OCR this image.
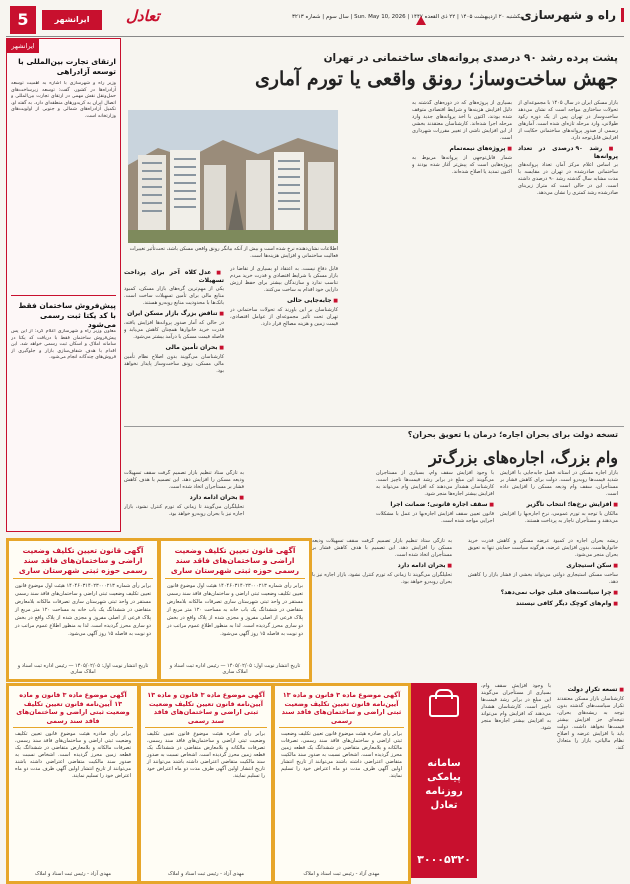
راه و شهرسازی
یکشنبه ۲۰ اردیبهشت ۱۴۰۵ | ۲۲ ذی القعده ۱۴۴۷ | Sun. May 10, 2026 | سال سوم | شماره ۳۲۱۳
تعادل
ایرانشهر
5
پشت پرده رشد ۹۰ درصدی پروانه‌های ساختمانی در تهران
جهش ساخت‌وساز؛ رونق واقعی یا تورم آماری
بازار مسکن ایران در سال ۱۴۰۵ با مجموعه‌ای از تحولات ساختاری مواجه است که نشان می‌دهد ساخت‌وساز در تهران پس از یک دوره رکود طولانی، وارد مرحله تازه‌ای شده است. آمارهای رسمی از صدور پروانه‌های ساختمانی حکایت از افزایش قابل‌توجه دارد.
■ رشد ۹۰ درصدی در تعداد پروانه‌ها
بر اساس اعلام مرکز آمار، تعداد پروانه‌های ساختمانی صادرشده در تهران در مقایسه با مدت مشابه سال گذشته رشد ۹۰ درصدی داشته است. این در حالی است که متراژ زیربنای صادرشده رشد کمتری را نشان می‌دهد.
بسیاری از پروژه‌های که در دوره‌های گذشته به دلیل افزایش هزینه‌ها و شرایط اقتصادی متوقف شده بودند، اکنون با اخذ پروانه‌های جدید وارد مرحله اجرا شده‌اند. کارشناسان معتقدند بخشی از این افزایش ناشی از تغییر مقررات شهرداری است.
■ پروژه‌های نیمه‌تمام
شمار قابل‌توجهی از پروانه‌ها مربوط به پروژه‌هایی است که پیش‌تر آغاز شده بودند و اکنون تمدید یا اصلاح شده‌اند.
اطلاعات نشان‌دهنده نرخ شده است و بیش از آنکه بیانگر رونق واقعی مسکن باشد، تحت‌تأثیر تغییرات فعالیت ساختمانی و افزایش هزینه‌ها است.
قابل دفاع نیست. به اعتقاد او بسیاری از تقاضا در بازار مسکن با شرایط اقتصادی و قدرت خرید مردم تناسب ندارد و سازندگان بیشتر برای حفظ ارزش دارایی خود اقدام به ساخت می‌کنند.
■ جابه‌جایی حالی
کارشناسان بر این باورند که تحولات ساختمانی در تهران تحت تأثیر مجموعه‌ای از عوامل اقتصادی، قیمت زمین و هزینه مصالح قرار دارد.
■ عدل کلاه آخر برای پرداخت تسهیلات
یکی از مهم‌ترین گره‌های بازار مسکن، کمبود منابع مالی برای تأمین تسهیلات ساخت است. بانک‌ها با محدودیت منابع روبه‌رو هستند.
■ تناقض بزرگ بازار مسکن ایران
در حالی که آمار صدور پروانه‌ها افزایش یافته، قدرت خرید خانوارها همچنان کاهش می‌یابد و فاصله قیمت مسکن با درآمد بیشتر می‌شود.
■ بحران تأمین مالی
کارشناسان می‌گویند بدون اصلاح نظام تأمین مالی مسکن، رونق ساخت‌وساز پایدار نخواهد بود.
تسخه دولت برای بحران اجاره؛ درمان یا تعویق بحران؟
وام بزرگ، اجاره‌های بزرگ‌تر
بازار اجاره مسکن در آستانه فصل جابه‌جایی با افزایش شدید قیمت‌ها روبه‌رو است. دولت برای کاهش فشار بر مستأجران، سقف وام ودیعه مسکن را افزایش داده است.
■ افزایش نرخ‌ها؛ انتخاب ناگزیر
مالکان با توجه به تورم عمومی، نرخ اجاره‌بها را افزایش می‌دهند و مستأجران ناچار به پرداخت هستند.
با وجود افزایش سقف وام، بسیاری از مستأجران می‌گویند این مبلغ در برابر رشد قیمت‌ها ناچیز است. کارشناسان هشدار می‌دهند که افزایش وام می‌تواند به افزایش بیشتر اجاره‌ها منجر شود.
■ سقف اجاره قانونی؛ ضمانت اجرا
قانون تعیین سقف افزایش اجاره‌بها در عمل با مشکلات اجرایی مواجه شده است.
به تازگی ستاد تنظیم بازار تصمیم گرفت سقف تسهیلات ودیعه مسکن را افزایش دهد. این تصمیم با هدف کاهش فشار بر مستأجران اتخاذ شده است.
■ بحران ادامه دارد
تحلیلگران می‌گویند تا زمانی که تورم کنترل نشود، بازار اجاره نیز با بحران روبه‌رو خواهد بود.
ایرانشهر
ارتقای تجارت بین‌المللی با توسعه آزادراهی
وزیر راه و شهرسازی با اشاره به اهمیت توسعه آزادراه‌ها در کشور، گفت: توسعه زیرساخت‌های حمل‌ونقل نقش مهمی در ارتقای تجارت بین‌المللی و اتصال ایران به کریدورهای منطقه‌ای دارد. به گفته او، تکمیل آزادراه‌های شمالی و جنوبی از اولویت‌های وزارتخانه است.
پیش‌فروش ساختمان فقط با کد یکتا ثبت رسمی می‌شود
معاون وزیر راه و شهرسازی اعلام کرد: از این پس پیش‌فروش ساختمان فقط با دریافت کد یکتا در سامانه املاک و اسکان ثبت رسمی خواهد شد. این اقدام با هدف شفاف‌سازی بازار و جلوگیری از فروش‌های چندگانه انجام می‌شود.
آگهی قانون تعیین تکلیف وضعیت اراضی و ساختمان‌های فاقد سند رسمی حوزه ثبتی شهرستان ساری
برابر رأی شماره ۱۴۰۴۶۰۳۱۴۰۲۳۰۰۰۲۱۳ هیئت اول موضوع قانون تعیین تکلیف وضعیت ثبتی اراضی و ساختمان‌های فاقد سند رسمی مستقر در واحد ثبتی شهرستان ساری تصرفات مالکانه بلامعارض متقاضی در ششدانگ یک باب خانه به مساحت ۱۲۰ متر مربع از پلاک فرعی از اصلی مفروز و مجزی شده از پلاک واقع در بخش دو ساری محرز گردیده است. لذا به منظور اطلاع عموم مراتب در دو نوبت به فاصله ۱۵ روز آگهی می‌شود.
تاریخ انتشار نوبت اول: ۱۴۰۵/۰۲/۰۵ — رئیس اداره ثبت اسناد و املاک ساری
آگهی قانون تعیین تکلیف وضعیت اراضی و ساختمان‌های فاقد سند رسمی حوزه ثبتی شهرستان ساری
برابر رأی شماره ۱۴۰۴۶۰۳۱۴۰۲۳۰۰۰۲۱۳ هیئت اول موضوع قانون تعیین تکلیف وضعیت ثبتی اراضی و ساختمان‌های فاقد سند رسمی مستقر در واحد ثبتی شهرستان ساری تصرفات مالکانه بلامعارض متقاضی در ششدانگ یک باب خانه به مساحت ۱۲۰ متر مربع از پلاک فرعی از اصلی مفروز و مجزی شده از پلاک واقع در بخش دو ساری محرز گردیده است. لذا به منظور اطلاع عموم مراتب در دو نوبت به فاصله ۱۵ روز آگهی می‌شود.
تاریخ انتشار نوبت اول: ۱۴۰۵/۰۲/۰۵ — رئیس اداره ثبت اسناد و املاک ساری
ریشه بحران اجاره در کمبود عرضه مسکن و کاهش قدرت خرید خانوارهاست. بدون افزایش عرضه، هرگونه سیاست حمایتی تنها به تعویق بحران منجر می‌شود.
■ سکن استیجاری
ساخت مسکن استیجاری دولتی می‌تواند بخشی از فشار بازار را کاهش دهد.
■ چرا سیاست‌های قبلی جواب نمی‌دهد؟
■ وام‌های کوچک دیگر کافی نیستند
به تازگی ستاد تنظیم بازار تصمیم گرفت سقف تسهیلات ودیعه مسکن را افزایش دهد. این تصمیم با هدف کاهش فشار بر مستأجران اتخاذ شده است.
■ بحران ادامه دارد
تحلیلگران می‌گویند تا زمانی که تورم کنترل نشود، بازار اجاره نیز با بحران روبه‌رو خواهد بود.
آگهی موضوع ماده ۳ قانون و ماده ۱۳ آیین‌نامه قانون تعیین تکلیف وضعیت ثبتی اراضی و ساختمان‌های فاقد سند رسمی
برابر رأی صادره هیئت موضوع قانون تعیین تکلیف وضعیت ثبتی اراضی و ساختمان‌های فاقد سند رسمی، تصرفات مالکانه و بلامعارض متقاضی در ششدانگ یک قطعه زمین محرز گردیده است. اشخاص نسبت به صدور سند مالکیت متقاضی اعتراضی داشته باشند می‌توانند از تاریخ انتشار اولین آگهی ظرف مدت دو ماه اعتراض خود را تسلیم نمایند.
مهدی آزاد - رئیس ثبت اسناد و املاک
آگهی موضوع ماده ۳ قانون و ماده ۱۳ آیین‌نامه قانون تعیین تکلیف وضعیت ثبتی اراضی و ساختمان‌های فاقد سند رسمی
برابر رأی صادره هیئت موضوع قانون تعیین تکلیف وضعیت ثبتی اراضی و ساختمان‌های فاقد سند رسمی، تصرفات مالکانه و بلامعارض متقاضی در ششدانگ یک قطعه زمین محرز گردیده است. اشخاص نسبت به صدور سند مالکیت متقاضی اعتراضی داشته باشند می‌توانند از تاریخ انتشار اولین آگهی ظرف مدت دو ماه اعتراض خود را تسلیم نمایند.
مهدی آزاد - رئیس ثبت اسناد و املاک
آگهی موضوع ماده ۳ قانون و ماده ۱۳ آیین‌نامه قانون تعیین تکلیف وضعیت ثبتی اراضی و ساختمان‌های فاقد سند رسمی
برابر رأی صادره هیئت موضوع قانون تعیین تکلیف وضعیت ثبتی اراضی و ساختمان‌های فاقد سند رسمی، تصرفات مالکانه و بلامعارض متقاضی در ششدانگ یک قطعه زمین محرز گردیده است. اشخاص نسبت به صدور سند مالکیت متقاضی اعتراضی داشته باشند می‌توانند از تاریخ انتشار اولین آگهی ظرف مدت دو ماه اعتراض خود را تسلیم نمایند.
مهدی آزاد - رئیس ثبت اسناد و املاک
سامانه پیامکی روزنامه تعادل
۳۰۰۰۵۳۲۰
■ تسعه تکرارِ دولت
کارشناسان بازار مسکن معتقدند تکرار سیاست‌های گذشته بدون توجه به ریشه‌های بحران، نتیجه‌ای جز افزایش بیشتر قیمت‌ها نخواهد داشت. دولت باید با افزایش عرضه و اصلاح نظام مالیاتی، بازار را متعادل کند.
با وجود افزایش سقف وام، بسیاری از مستأجران می‌گویند این مبلغ در برابر رشد قیمت‌ها ناچیز است. کارشناسان هشدار می‌دهند که افزایش وام می‌تواند به افزایش بیشتر اجاره‌ها منجر شود.
